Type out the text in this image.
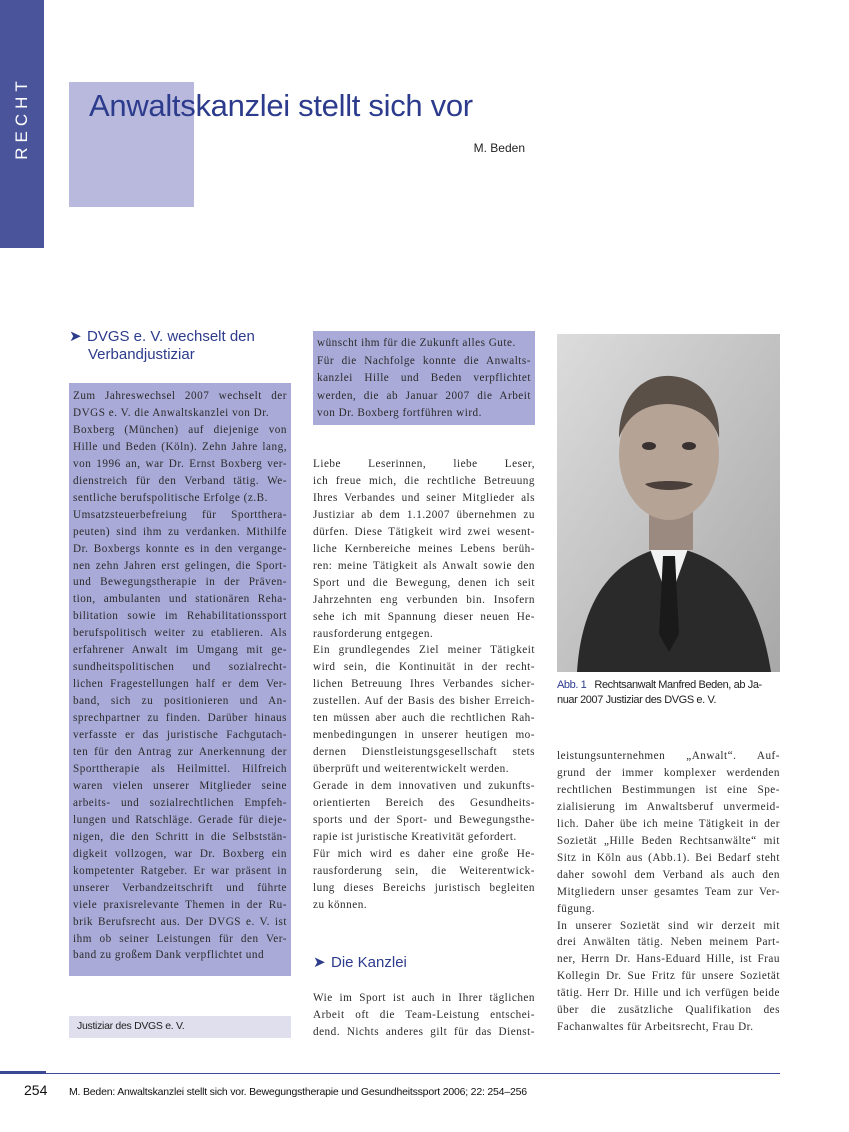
RECHT Anwaltskanzlei stellt sich vor
M. Beden
➤ DVGS e. V. wechselt den
Verbandjustiziar
Zum Jahreswechsel 2007 wechselt der
DVGS e. V. die Anwaltskanzlei von Dr.
Boxberg (München) auf diejenige von
Hille und Beden (Köln). Zehn Jahre lang,
von 1996 an, war Dr. Ernst Boxberg ver-
dienstreich für den Verband tätig. We-
sentliche berufspolitische Erfolge (z.B.
Umsatzsteuerbefreiung für Sportthera-
peuten) sind ihm zu verdanken. Mithilfe
Dr. Boxbergs konnte es in den vergange-
nen zehn Jahren erst gelingen, die Sport-
und Bewegungstherapie in der Präven-
tion, ambulanten und stationären Reha-
bilitation sowie im Rehabilitationssport
berufspolitisch weiter zu etablieren. Als
erfahrener Anwalt im Umgang mit ge-
sundheitspolitischen und sozialrecht-
lichen Fragestellungen half er dem Ver-
band, sich zu positionieren und An-
sprechpartner zu finden. Darüber hinaus
verfasste er das juristische Fachgutach-
ten für den Antrag zur Anerkennung der
Sporttherapie als Heilmittel. Hilfreich
waren vielen unserer Mitglieder seine
arbeits- und sozialrechtlichen Empfeh-
lungen und Ratschläge. Gerade für dieje-
nigen, die den Schritt in die Selbststän-
digkeit vollzogen, war Dr. Boxberg ein
kompetenter Ratgeber. Er war präsent in
unserer Verbandzeitschrift und führte
viele praxisrelevante Themen in der Ru-
brik Berufsrecht aus. Der DVGS e. V. ist
ihm ob seiner Leistungen für den Ver-
band zu großem Dank verpflichtet und
wünscht ihm für die Zukunft alles Gute.
Für die Nachfolge konnte die Anwalts-
kanzlei Hille und Beden verpflichtet
werden, die ab Januar 2007 die Arbeit
von Dr. Boxberg fortführen wird.
Liebe Leserinnen, liebe Leser,
ich freue mich, die rechtliche Betreuung
Ihres Verbandes und seiner Mitglieder als
Justiziar ab dem 1.1.2007 übernehmen zu
dürfen. Diese Tätigkeit wird zwei wesent-
liche Kernbereiche meines Lebens berüh-
ren: meine Tätigkeit als Anwalt sowie den
Sport und die Bewegung, denen ich seit
Jahrzehnten eng verbunden bin. Insofern
sehe ich mit Spannung dieser neuen He-
rausforderung entgegen.
Ein grundlegendes Ziel meiner Tätigkeit
wird sein, die Kontinuität in der recht-
lichen Betreuung Ihres Verbandes sicher-
zustellen. Auf der Basis des bisher Erreich-
ten müssen aber auch die rechtlichen Rah-
menbedingungen in unserer heutigen mo-
dernen Dienstleistungsgesellschaft stets
überprüft und weiterentwickelt werden.
Gerade in dem innovativen und zukunfts-
orientierten Bereich des Gesundheits-
sports und der Sport- und Bewegungsthe-
rapie ist juristische Kreativität gefordert.
Für mich wird es daher eine große He-
rausforderung sein, die Weiterentwick-
lung dieses Bereichs juristisch begleiten
zu können.
➤ Die Kanzlei
Wie im Sport ist auch in Ihrer täglichen
Arbeit oft die Team-Leistung entschei-
dend. Nichts anderes gilt für das Dienst-
Abb. 1 Rechtsanwalt Manfred Beden, ab Ja-
nuar 2007 Justiziar des DVGS e. V.
leistungsunternehmen „Anwalt“. Auf-
grund der immer komplexer werdenden
rechtlichen Bestimmungen ist eine Spe-
zialisierung im Anwaltsberuf unvermeid-
lich. Daher übe ich meine Tätigkeit in der
Sozietät „Hille Beden Rechtsanwälte“ mit
Sitz in Köln aus (Abb.1). Bei Bedarf steht
daher sowohl dem Verband als auch den
Mitgliedern unser gesamtes Team zur Ver-
fügung.
In unserer Sozietät sind wir derzeit mit
drei Anwälten tätig. Neben meinem Part-
ner, Herrn Dr. Hans-Eduard Hille, ist Frau
Kollegin Dr. Sue Fritz für unsere Sozietät
tätig. Herr Dr. Hille und ich verfügen beide
über die zusätzliche Qualifikation des
Fachanwaltes für Arbeitsrecht, Frau Dr.
Justiziar des DVGS e. V.
254 M. Beden: Anwaltskanzlei stellt sich vor. Bewegungstherapie und Gesundheitssport 2006; 22: 254–256
